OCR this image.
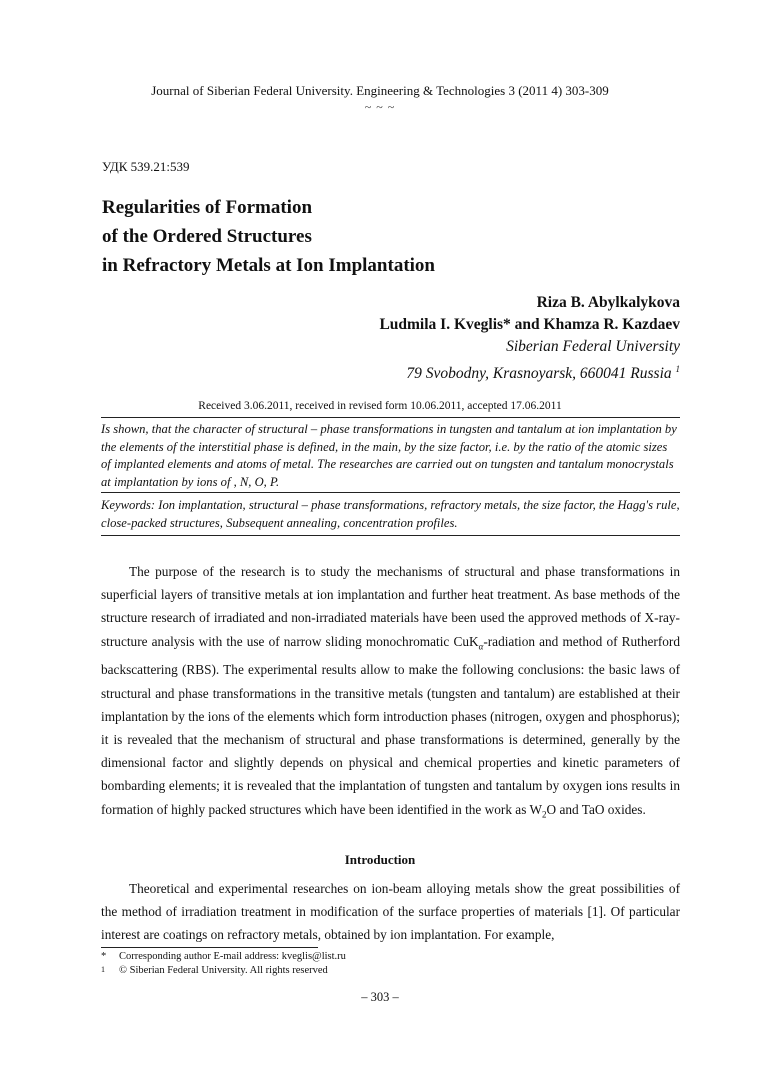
Journal of Siberian Federal University. Engineering & Technologies 3 (2011 4) 303-309
~ ~ ~
УДК 539.21:539
Regularities of Formation
of the Ordered Structures
in Refractory Metals at Ion Implantation
Riza B. Abylkalykova
Ludmila I. Kveglis* and Khamza R. Kazdaev
Siberian Federal University
79 Svobodny, Krasnoyarsk, 660041 Russia $^1$
Received 3.06.2011, received in revised form 10.06.2011, accepted 17.06.2011
Is shown, that the character of structural – phase transformations in tungsten and tantalum at ion implantation by the elements of the interstitial phase is defined, in the main, by the size factor, i.e. by the ratio of the atomic sizes of implanted elements and atoms of metal. The researches are carried out on tungsten and tantalum monocrystals at implantation by ions of , N, O, P.
Keywords: Ion implantation, structural – phase transformations, refractory metals, the size factor, the Hagg's rule, close-packed structures, Subsequent annealing, concentration profiles.
The purpose of the research is to study the mechanisms of structural and phase transformations in superficial layers of transitive metals at ion implantation and further heat treatment. As base methods of the structure research of irradiated and non-irradiated materials have been used the approved methods of X-ray-structure analysis with the use of narrow sliding monochromatic CuK$_\alpha$-radiation and method of Rutherford backscattering (RBS). The experimental results allow to make the following conclusions: the basic laws of structural and phase transformations in the transitive metals (tungsten and tantalum) are established at their implantation by the ions of the elements which form introduction phases (nitrogen, oxygen and phosphorus); it is revealed that the mechanism of structural and phase transformations is determined, generally by the dimensional factor and slightly depends on physical and chemical properties and kinetic parameters of bombarding elements; it is revealed that the implantation of tungsten and tantalum by oxygen ions results in formation of highly packed structures which have been identified in the work as $W_2O$ and TaO oxides.
Introduction
Theoretical and experimental researches on ion-beam alloying metals show the great possibilities of the method of irradiation treatment in modification of the surface properties of materials [1]. Of particular interest are coatings on refractory metals, obtained by ion implantation. For example,
* Corresponding author E-mail address: kveglis@list.ru
1 © Siberian Federal University. All rights reserved
– 303 –
